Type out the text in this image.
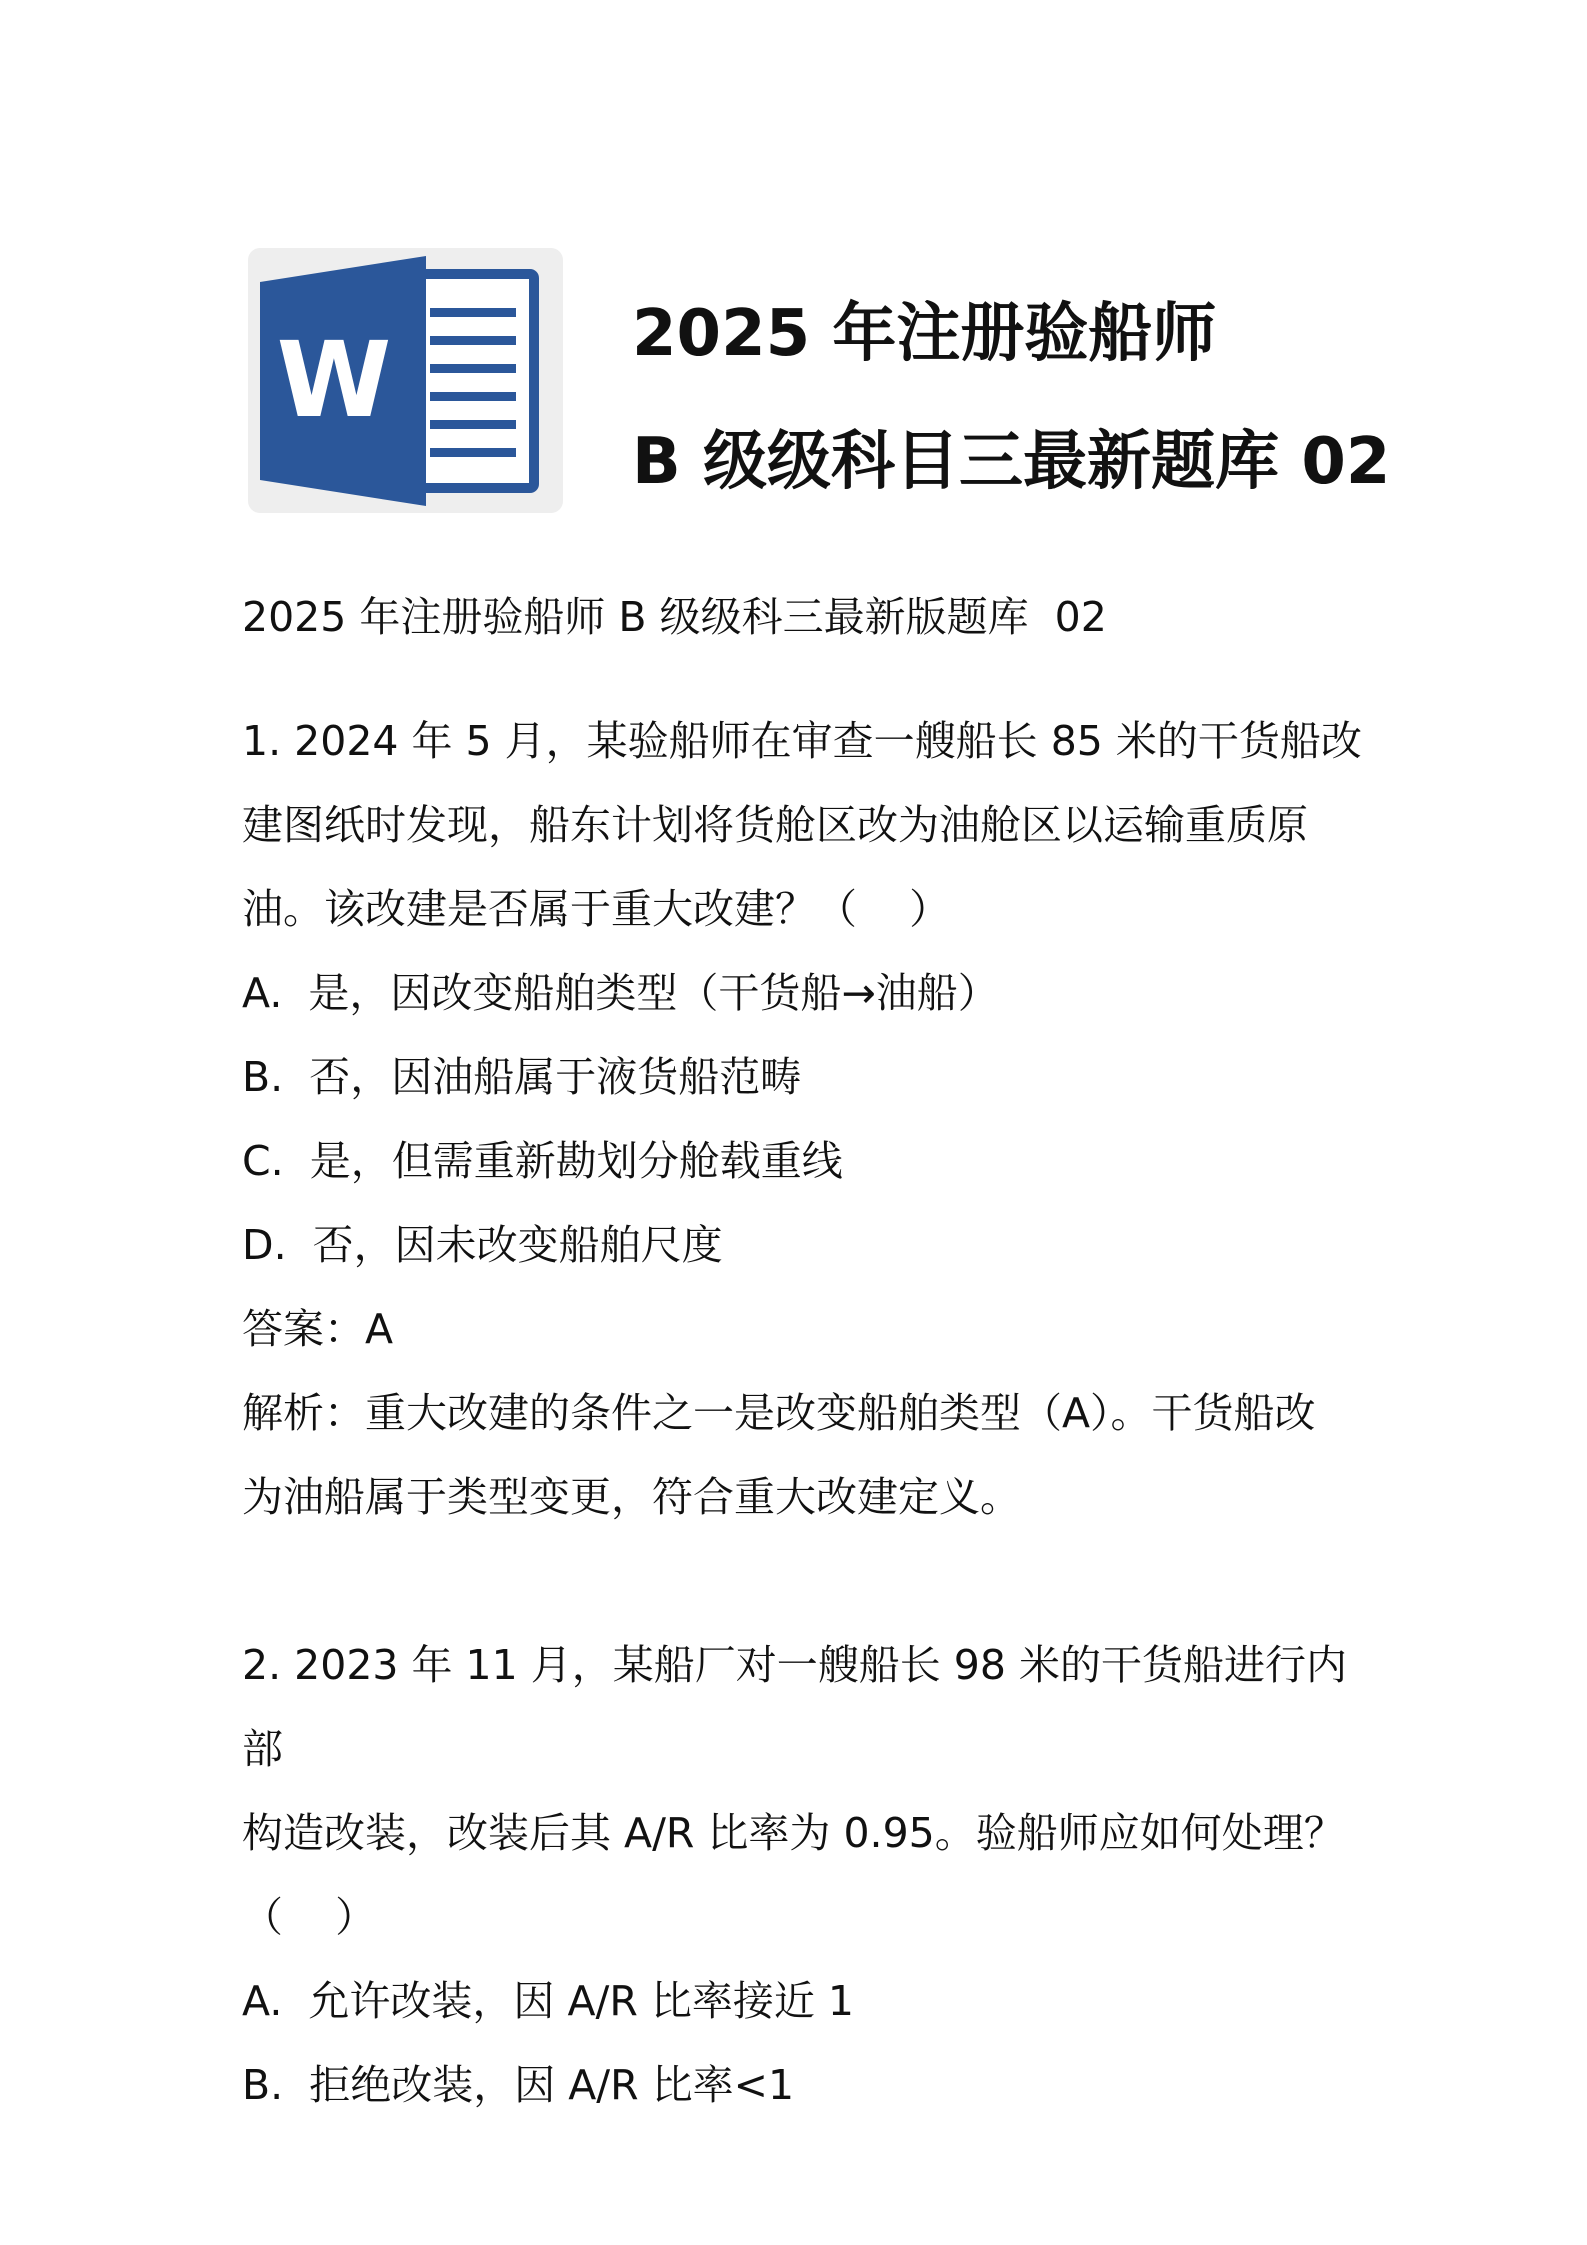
W	2025 年注册验船师
B 级级科目三最新题库 02

2025 年注册验船师 B 级级科三最新版题库  02

1. 2024 年 5 月，某验船师在审查一艘船长 85 米的干货船改

建图纸时发现，船东计划将货舱区改为油舱区以运输重质原

油。该改建是否属于重大改建？（    ）

A.  是，因改变船舶类型（干货船→油船）

B.  否，因油船属于液货船范畴

C.  是，但需重新勘划分舱载重线

D.  否，因未改变船舶尺度

答案：A

解析：重大改建的条件之一是改变船舶类型（A）。干货船改

为油船属于类型变更，符合重大改建定义。

2. 2023 年 11 月，某船厂对一艘船长 98 米的干货船进行内部

构造改装，改装后其 A/R 比率为 0.95。验船师应如何处理？

（    ）

A.  允许改装，因 A/R 比率接近 1

B.  拒绝改装，因 A/R 比率<1
